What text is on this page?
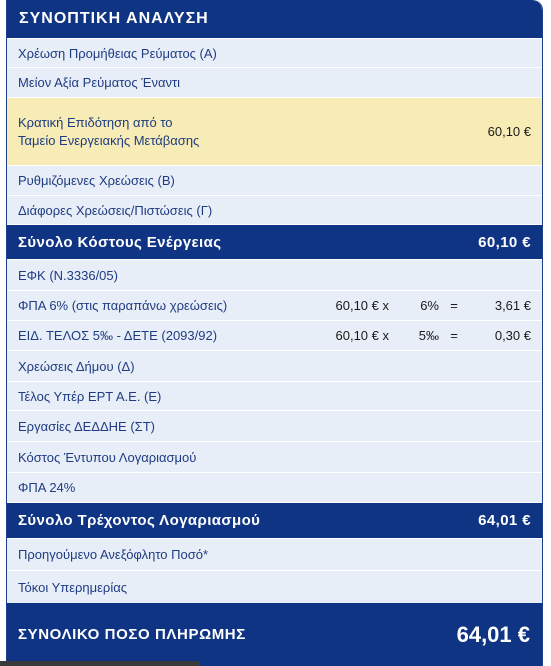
ΣΥΝΟΠΤΙΚΗ ΑΝΑΛΥΣΗ
Χρέωση Προμήθειας Ρεύματος (Α)
Μείον Αξία Ρεύματος Έναντι
Κρατική Επιδότηση από το
Ταμείο Ενεργειακής Μετάβασης
60,10 €
Ρυθμιζόμενες Χρεώσεις (Β)
Διάφορες Χρεώσεις/Πιστώσεις (Γ)
Σύνολο Κόστους Ενέργειας	60,10 €
ΕΦΚ (Ν.3336/05)
ΦΠΑ 6% (στις παραπάνω χρεώσεις)	60,10 € x	6% =	3,61 €
ΕΙΔ. ΤΕΛΟΣ 5‰ - ΔΕΤΕ (2093/92)	60,10 € x	5‰ =	0,30 €
Χρεώσεις Δήμου (Δ)
Τέλος Υπέρ ΕΡΤ Α.Ε. (Ε)
Εργασίες ΔΕΔΔΗΕ (ΣΤ)
Κόστος Έντυπου Λογαριασμού
ΦΠΑ 24%
Σύνολο Τρέχοντος Λογαριασμού	64,01 €
Προηγούμενο Ανεξόφλητο Ποσό*
Τόκοι Υπερημερίας
ΣΥΝΟΛΙΚΟ ΠΟΣΟ ΠΛΗΡΩΜΗΣ	64,01 €
